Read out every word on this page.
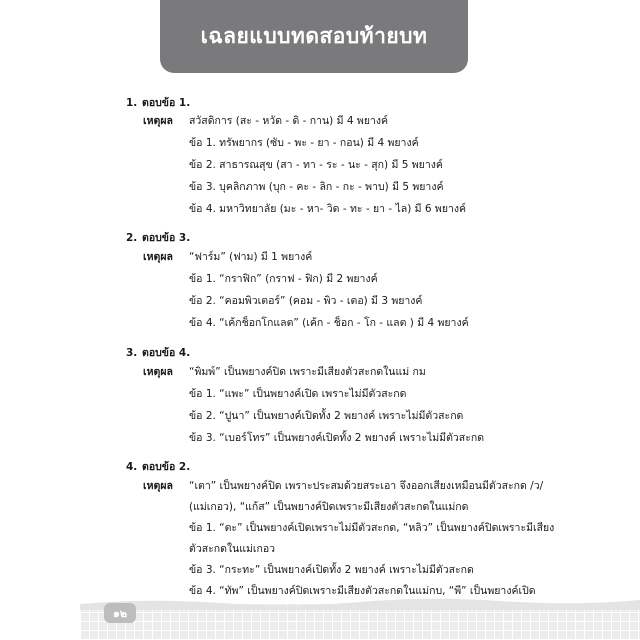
เฉลยแบบทดสอบท้ายบท
1. ตอบข้อ 1.
เหตุผล สวัสดิการ (สะ - หวัด - ดิ - กาน) มี 4 พยางค์
ข้อ 1. ทรัพยากร (ซับ - พะ - ยา - กอน) มี 4 พยางค์
ข้อ 2. สาธารณสุข (สา - ทา - ระ - นะ - สุก) มี 5 พยางค์
ข้อ 3. บุคลิกภาพ (บุก - คะ - ลิก - กะ - พาบ) มี 5 พยางค์
ข้อ 4. มหาวิทยาลัย (มะ - หา- วิด - ทะ - ยา - ไล) มี 6 พยางค์
2. ตอบข้อ 3.
เหตุผล “ฟาร์ม” (ฟาม) มี 1 พยางค์
ข้อ 1. “กราฟิก” (กราฟ - ฟิก) มี 2 พยางค์
ข้อ 2. “คอมพิวเตอร์” (คอม - พิว - เตอ) มี 3 พยางค์
ข้อ 4. “เค้กช็อกโกแลต” (เค้ก - ช็อก - โก - แลต ) มี 4 พยางค์
3. ตอบข้อ 4.
เหตุผล “พิมพ์” เป็นพยางค์ปิด เพราะมีเสียงตัวสะกดในแม่ กม
ข้อ 1. “แพะ” เป็นพยางค์เปิด เพราะไม่มีตัวสะกด
ข้อ 2. “ปูนา” เป็นพยางค์เปิดทั้ง 2 พยางค์ เพราะไม่มีตัวสะกด
ข้อ 3. “เบอร์โทร” เป็นพยางค์เปิดทั้ง 2 พยางค์ เพราะไม่มีตัวสะกด
4. ตอบข้อ 2.
เหตุผล “เตา” เป็นพยางค์ปิด เพราะประสมด้วยสระเอา จึงออกเสียงเหมือนมีตัวสะกด /ว/
(แม่เกอว), “แก้ส” เป็นพยางค์ปิดเพราะมีเสียงตัวสะกดในแม่กด
ข้อ 1. “ตะ” เป็นพยางค์เปิดเพราะไม่มีตัวสะกด, “หลิว” เป็นพยางค์ปิดเพราะมีเสียง
ตัวสะกดในแม่เกอว
ข้อ 3. “กระทะ” เป็นพยางค์เปิดทั้ง 2 พยางค์ เพราะไม่มีตัวสะกด
ข้อ 4. “ทัพ” เป็นพยางค์ปิดเพราะมีเสียงตัวสะกดในแม่กบ, “พี” เป็นพยางค์เปิด
๑๒
